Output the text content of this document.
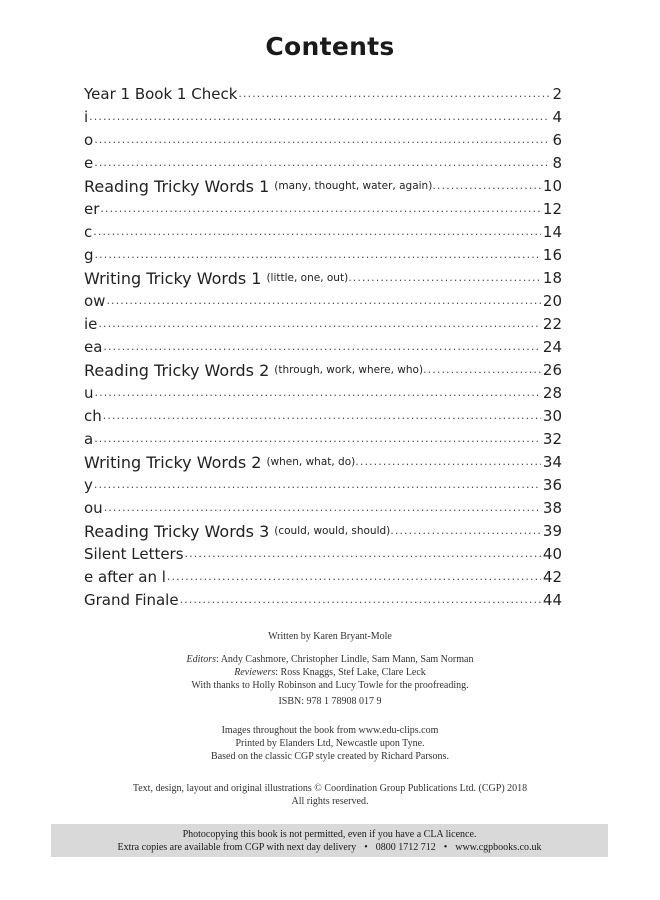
Contents
Year 1 Book 1 Check .....	2
i .....	4
o .....	6
e .....	8
Reading Tricky Words 1 (many, thought, water, again) .....	10
er .....	12
c .....	14
g .....	16
Writing Tricky Words 1 (little, one, out) .....	18
ow .....	20
ie .....	22
ea .....	24
Reading Tricky Words 2 (through, work, where, who) .....	26
u .....	28
ch .....	30
a .....	32
Writing Tricky Words 2 (when, what, do) .....	34
y .....	36
ou .....	38
Reading Tricky Words 3 (could, would, should) .....	39
Silent Letters .....	40
e after an l .....	42
Grand Finale .....	44
Written by Karen Bryant-Mole
Editors: Andy Cashmore, Christopher Lindle, Sam Mann, Sam Norman
Reviewers: Ross Knaggs, Stef Lake, Clare Leck
With thanks to Holly Robinson and Lucy Towle for the proofreading.
ISBN: 978 1 78908 017 9
Images throughout the book from www.edu-clips.com
Printed by Elanders Ltd, Newcastle upon Tyne.
Based on the classic CGP style created by Richard Parsons.
Text, design, layout and original illustrations © Coordination Group Publications Ltd. (CGP) 2018
All rights reserved.
Photocopying this book is not permitted, even if you have a CLA licence.
Extra copies are available from CGP with next day delivery • 0800 1712 712 • www.cgpbooks.co.uk
